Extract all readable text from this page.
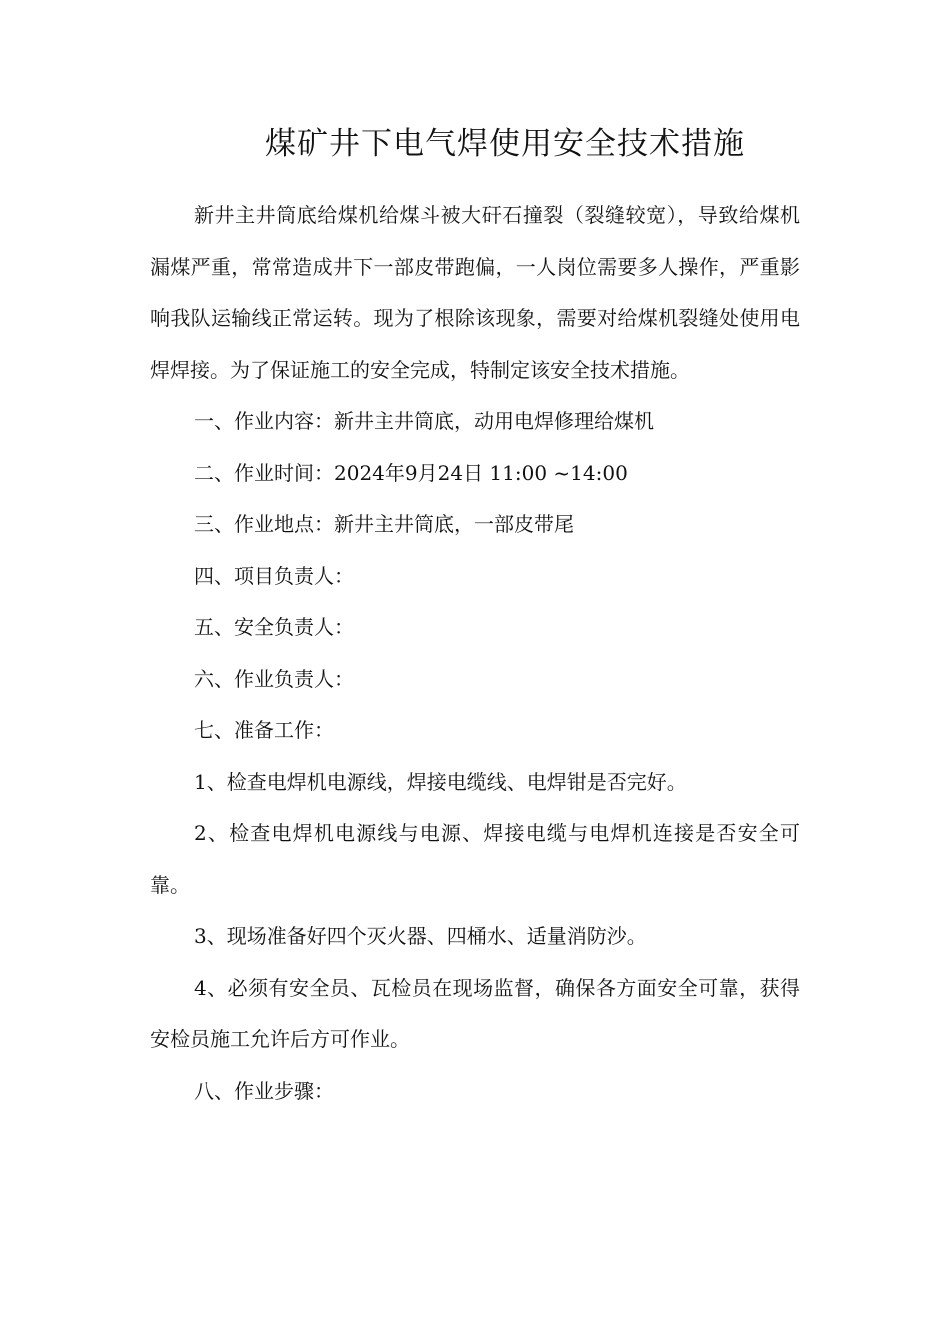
煤矿井下电气焊使用安全技术措施

新井主井筒底给煤机给煤斗被大矸石撞裂（裂缝较宽），导致给煤机漏煤严重，常常造成井下一部皮带跑偏，一人岗位需要多人操作，严重影响我队运输线正常运转。现为了根除该现象，需要对给煤机裂缝处使用电焊焊接。为了保证施工的安全完成，特制定该安全技术措施。

一、作业内容：新井主井筒底，动用电焊修理给煤机

二、作业时间：2024年9月24日 11:00 ~14:00

三、作业地点：新井主井筒底，一部皮带尾

四、项目负责人：

五、安全负责人：

六、作业负责人：

七、准备工作：

1、检查电焊机电源线，焊接电缆线、电焊钳是否完好。

2、检查电焊机电源线与电源、焊接电缆与电焊机连接是否安全可靠。

3、现场准备好四个灭火器、四桶水、适量消防沙。

4、必须有安全员、瓦检员在现场监督，确保各方面安全可靠，获得安检员施工允许后方可作业。

八、作业步骤：
